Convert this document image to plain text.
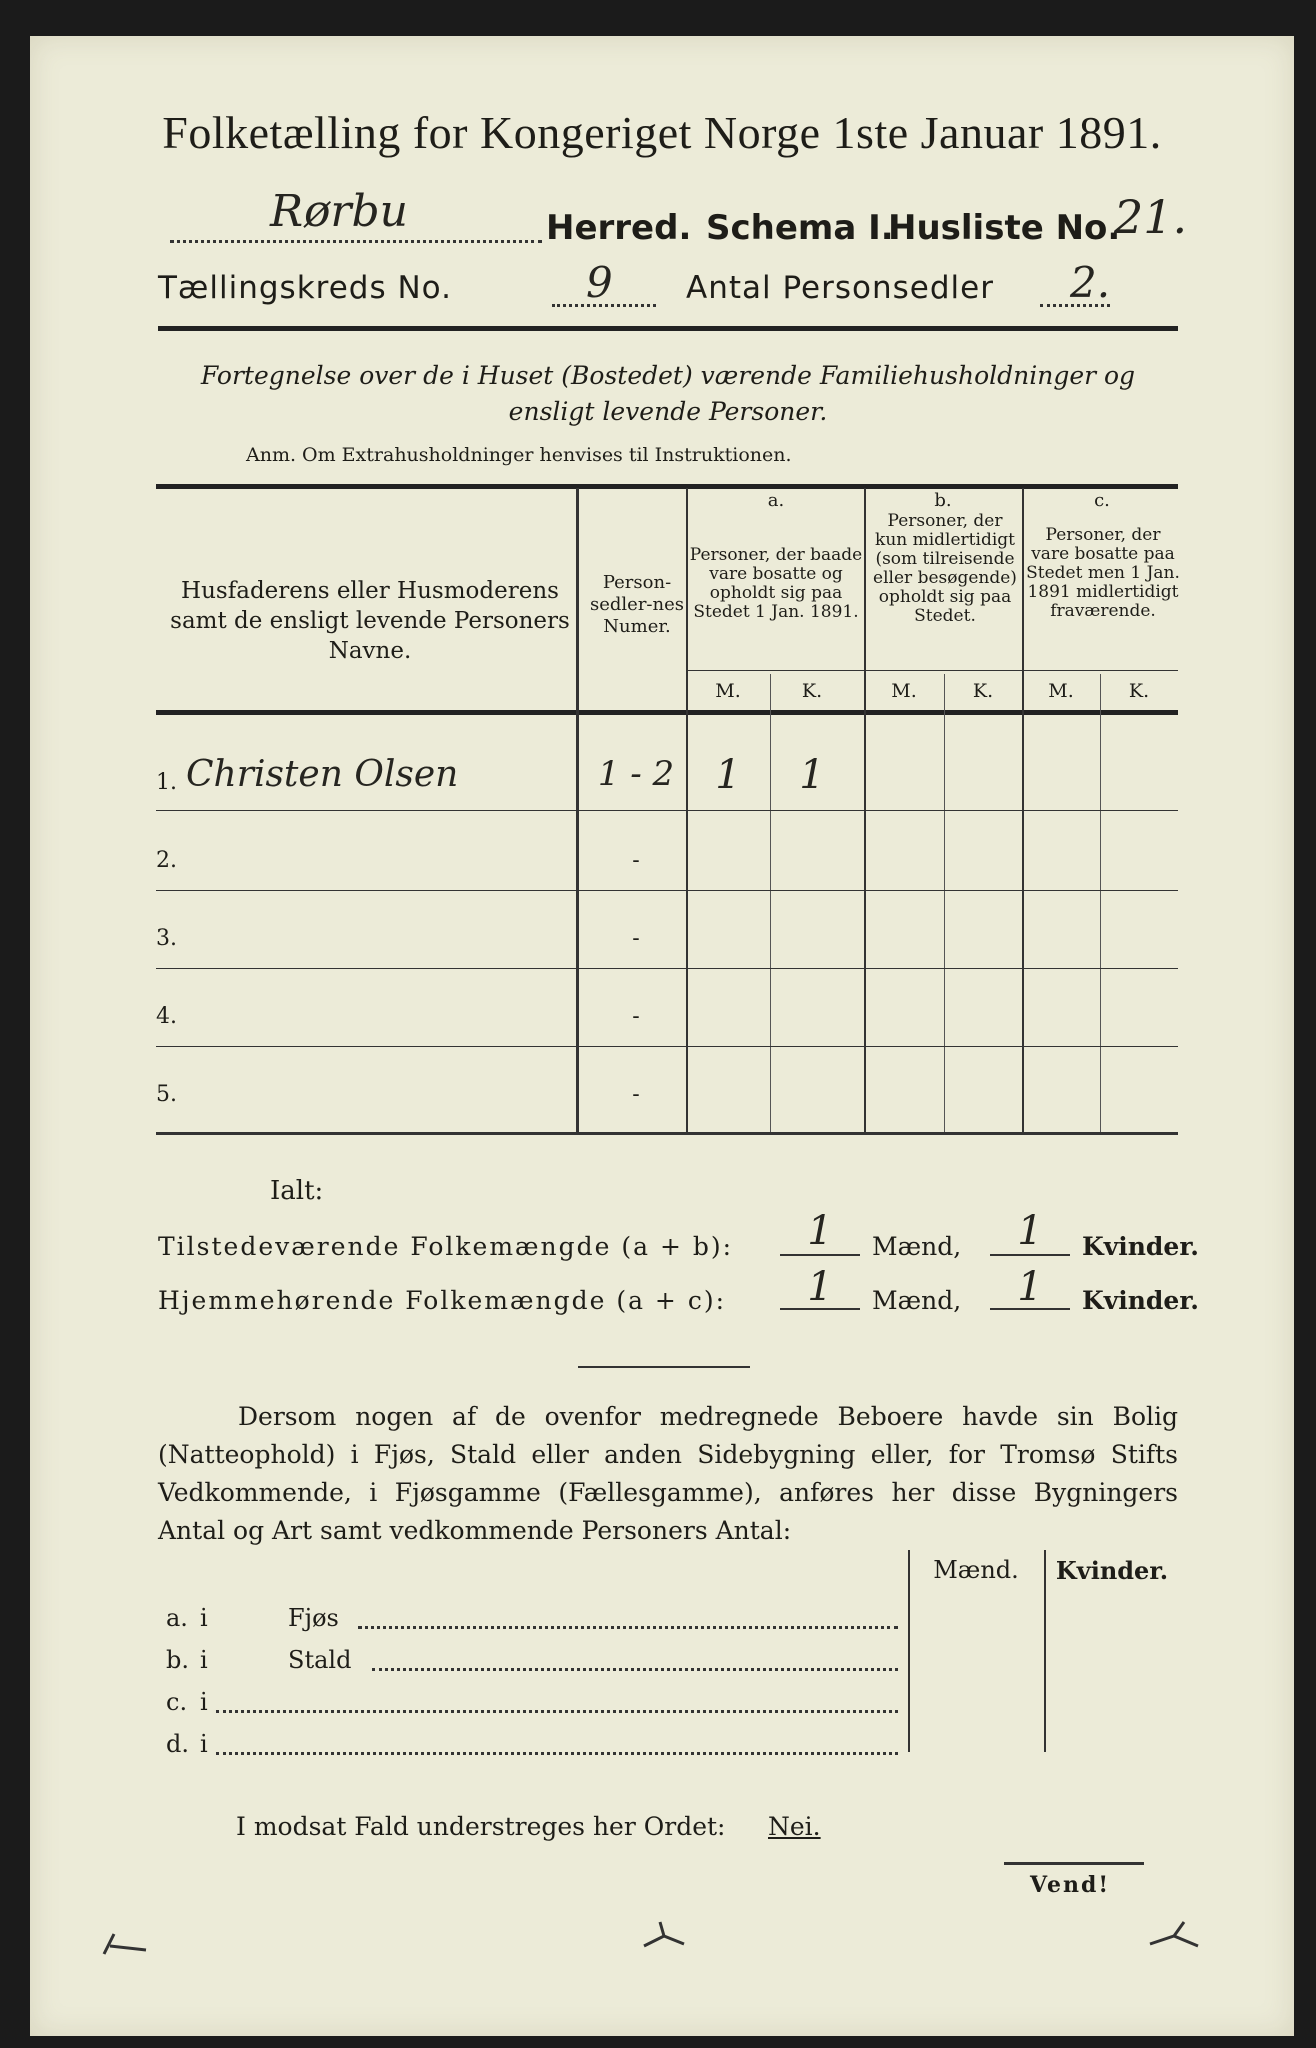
Folketælling for Kongeriget Norge 1ste Januar 1891.
Rørbu	Herred. Schema I.
Husliste No.
21.
Tællingskreds No.	9 Antal Personsedler 2.
Fortegnelse over de i Huset (Bostedet) værende Familiehusholdninger og ensligt levende Personer.
Anm. Om Extrahusholdninger henvises til Instruktionen.
Husfaderens eller Husmoderens samt de ensligt levende Personers Navne.
Person-sedler-nes Numer.
a.
Personer, der baade vare bosatte og opholdt sig paa Stedet 1 Jan. 1891.
b.
Personer, der kun midlertidigt (som tilreisende eller besøgende) opholdt sig paa Stedet.
c.
Personer, der vare bosatte paa Stedet men 1 Jan. 1891 midlertidigt fraværende.
M.	K.	M.	K.	M.	K.
1. Christen Olsen	1 - 2	1	1
2.	-
3.	-
4.	-
5.	-
Ialt:
Tilstedeværende Folkemængde (a + b):	1	Mænd,	1	Kvinder.
Hjemmehørende Folkemængde (a + c):	1	Mænd,	1	Kvinder.
Dersom nogen af de ovenfor medregnede Beboere havde sin Bolig (Natteophold) i Fjøs, Stald eller anden Sidebygning eller, for Tromsø Stifts Vedkommende, i Fjøsgamme (Fællesgamme), anføres her disse Bygningers Antal og Art samt vedkommende Personers Antal:
Mænd.	Kvinder.
a. i	Fjøs
b. i	Stald
c. i
d. i
I modsat Fald understreges her Ordet: Nei.
Vend!
